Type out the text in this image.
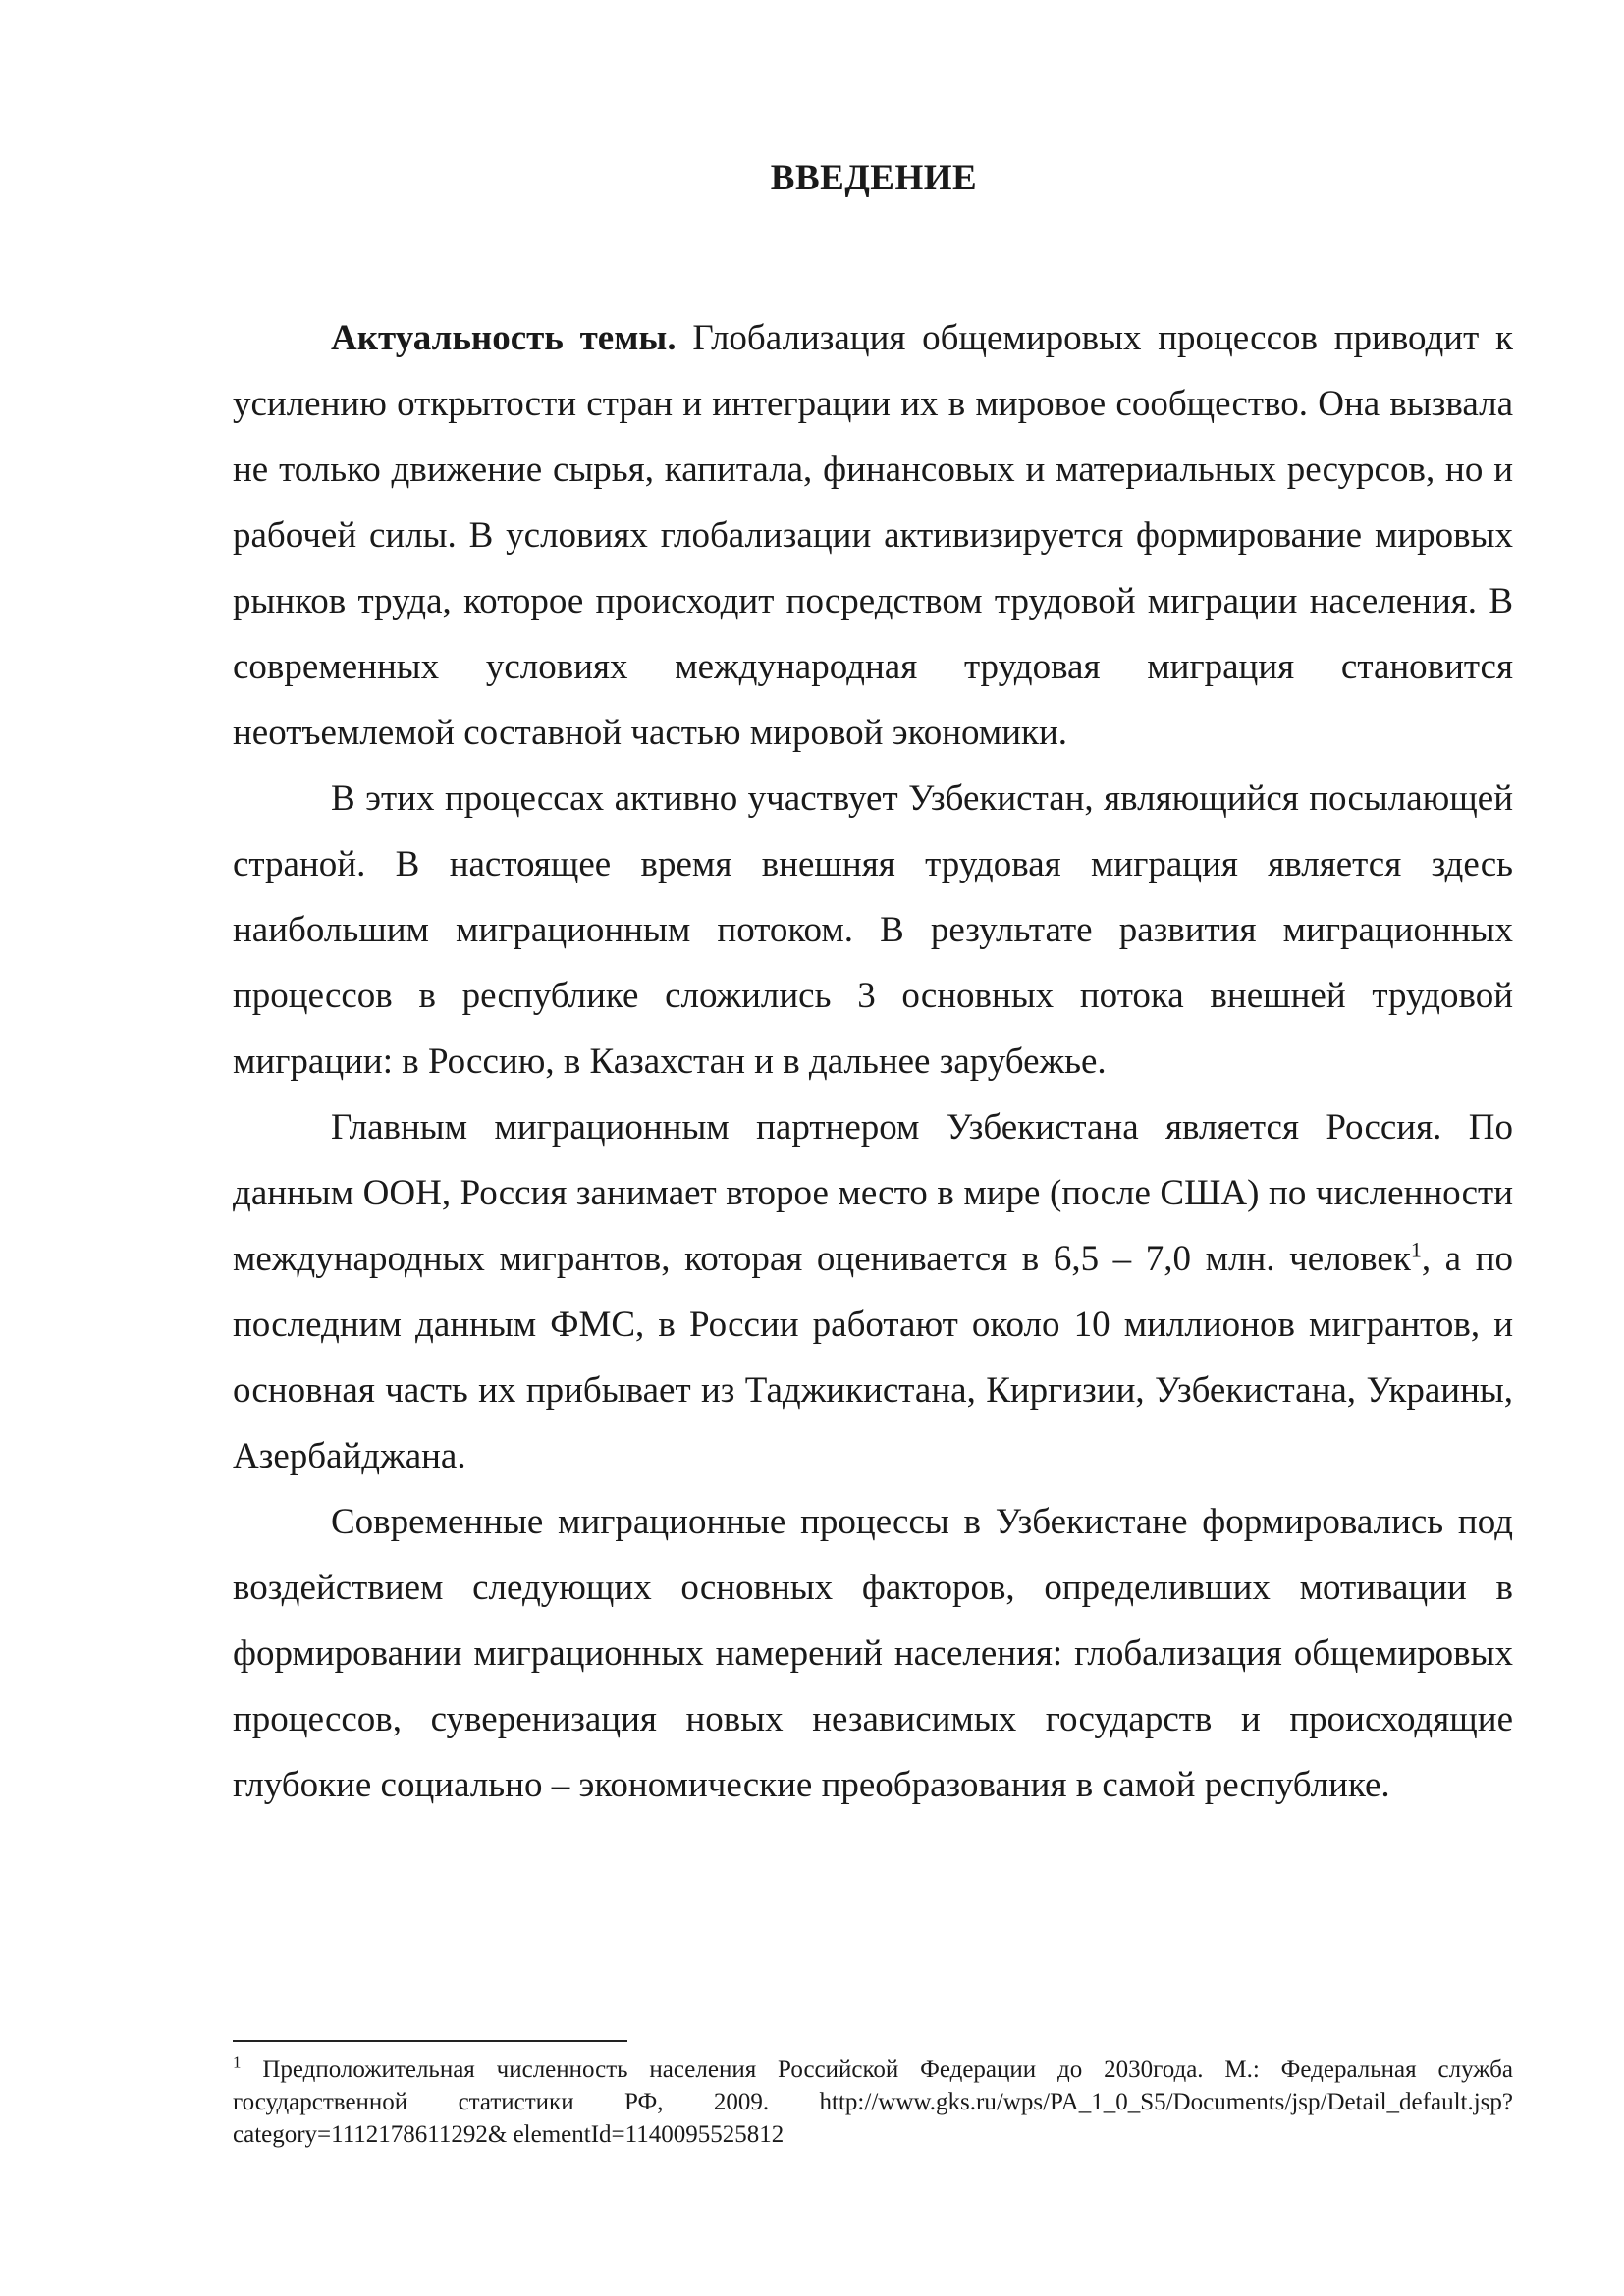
ВВЕДЕНИЕ

Актуальность темы. Глобализация общемировых процессов приводит к усилению открытости стран и интеграции их в мировое сообщество. Она вызвала не только движение сырья, капитала, финансовых и материальных ресурсов, но и рабочей силы. В условиях глобализации активизируется формирование мировых рынков труда, которое происходит посредством трудовой миграции населения. В современных условиях международная трудовая миграция становится неотъемлемой составной частью мировой экономики.

В этих процессах активно участвует Узбекистан, являющийся посылающей страной. В настоящее время внешняя трудовая миграция является здесь наибольшим миграционным потоком. В результате развития миграционных процессов в республике сложились 3 основных потока внешней трудовой миграции: в Россию, в Казахстан и в дальнее зарубежье.

Главным миграционным партнером Узбекистана является Россия. По данным ООН, Россия занимает второе место в мире (после США) по численности международных мигрантов, которая оценивается в 6,5 – 7,0 млн. человек$^1$, а по последним данным ФМС, в России работают около 10 миллионов мигрантов, и основная часть их прибывает из Таджикистана, Киргизии, Узбекистана, Украины, Азербайджана.

Современные миграционные процессы в Узбекистане формировались под воздействием следующих основных факторов, определивших мотивации в формировании миграционных намерений населения: глобализация общемировых процессов, суверенизация новых независимых государств и происходящие глубокие социально – экономические преобразования в самой республике.

$^1$ Предположительная численность населения Российской Федерации до 2030года. М.: Федеральная служба государственной статистики РФ, 2009. http://www.gks.ru/wps/PA_1_0_S5/Documents/jsp/Detail_default.jsp?category=1112178611292& elementId=1140095525812
